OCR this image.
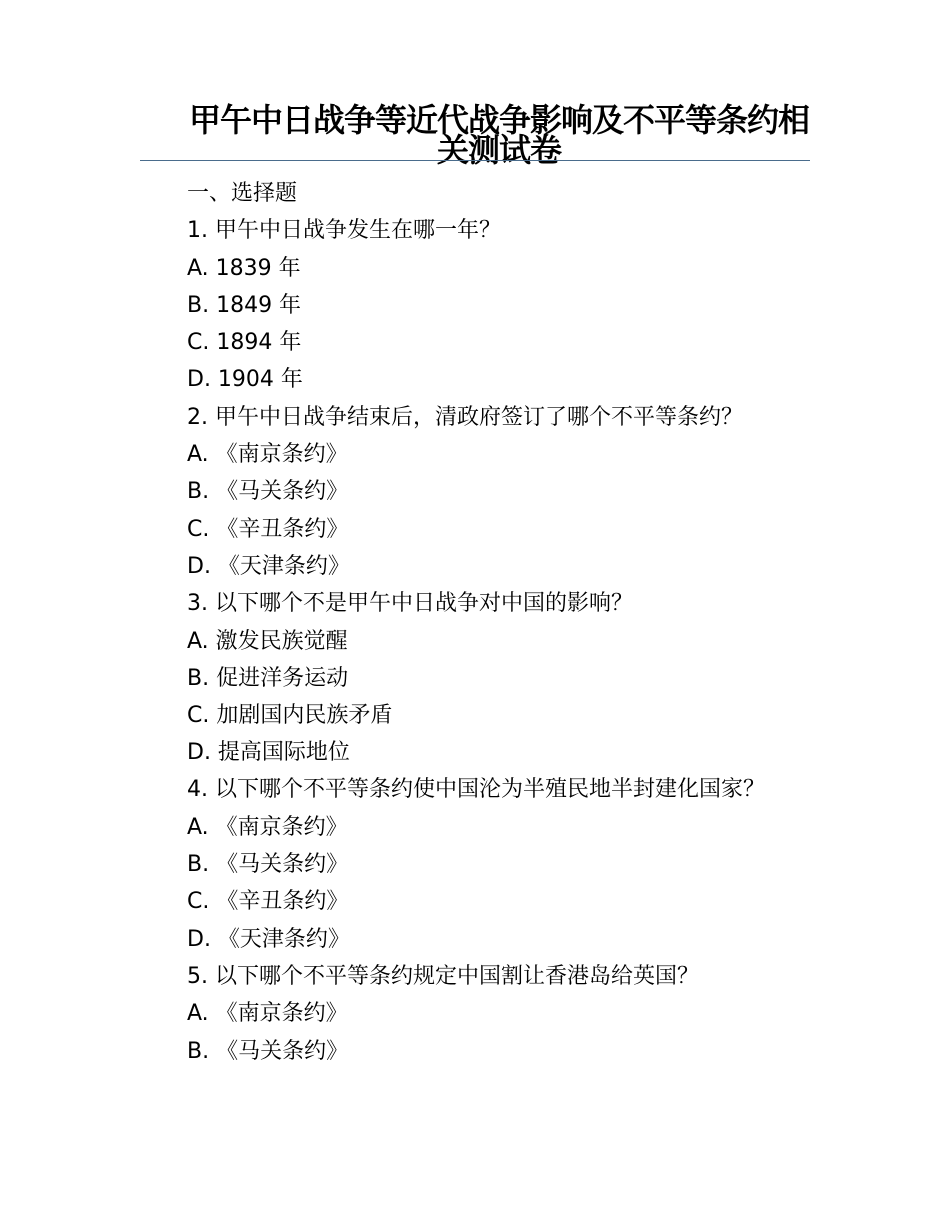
甲午中日战争等近代战争影响及不平等条约相关测试卷
一、选择题
1. 甲午中日战争发生在哪一年？
A. 1839 年
B. 1849 年
C. 1894 年
D. 1904 年
2. 甲午中日战争结束后，清政府签订了哪个不平等条约？
A. 《南京条约》
B. 《马关条约》
C. 《辛丑条约》
D. 《天津条约》
3. 以下哪个不是甲午中日战争对中国的影响？
A. 激发民族觉醒
B. 促进洋务运动
C. 加剧国内民族矛盾
D. 提高国际地位
4. 以下哪个不平等条约使中国沦为半殖民地半封建化国家？
A. 《南京条约》
B. 《马关条约》
C. 《辛丑条约》
D. 《天津条约》
5. 以下哪个不平等条约规定中国割让香港岛给英国？
A. 《南京条约》
B. 《马关条约》
